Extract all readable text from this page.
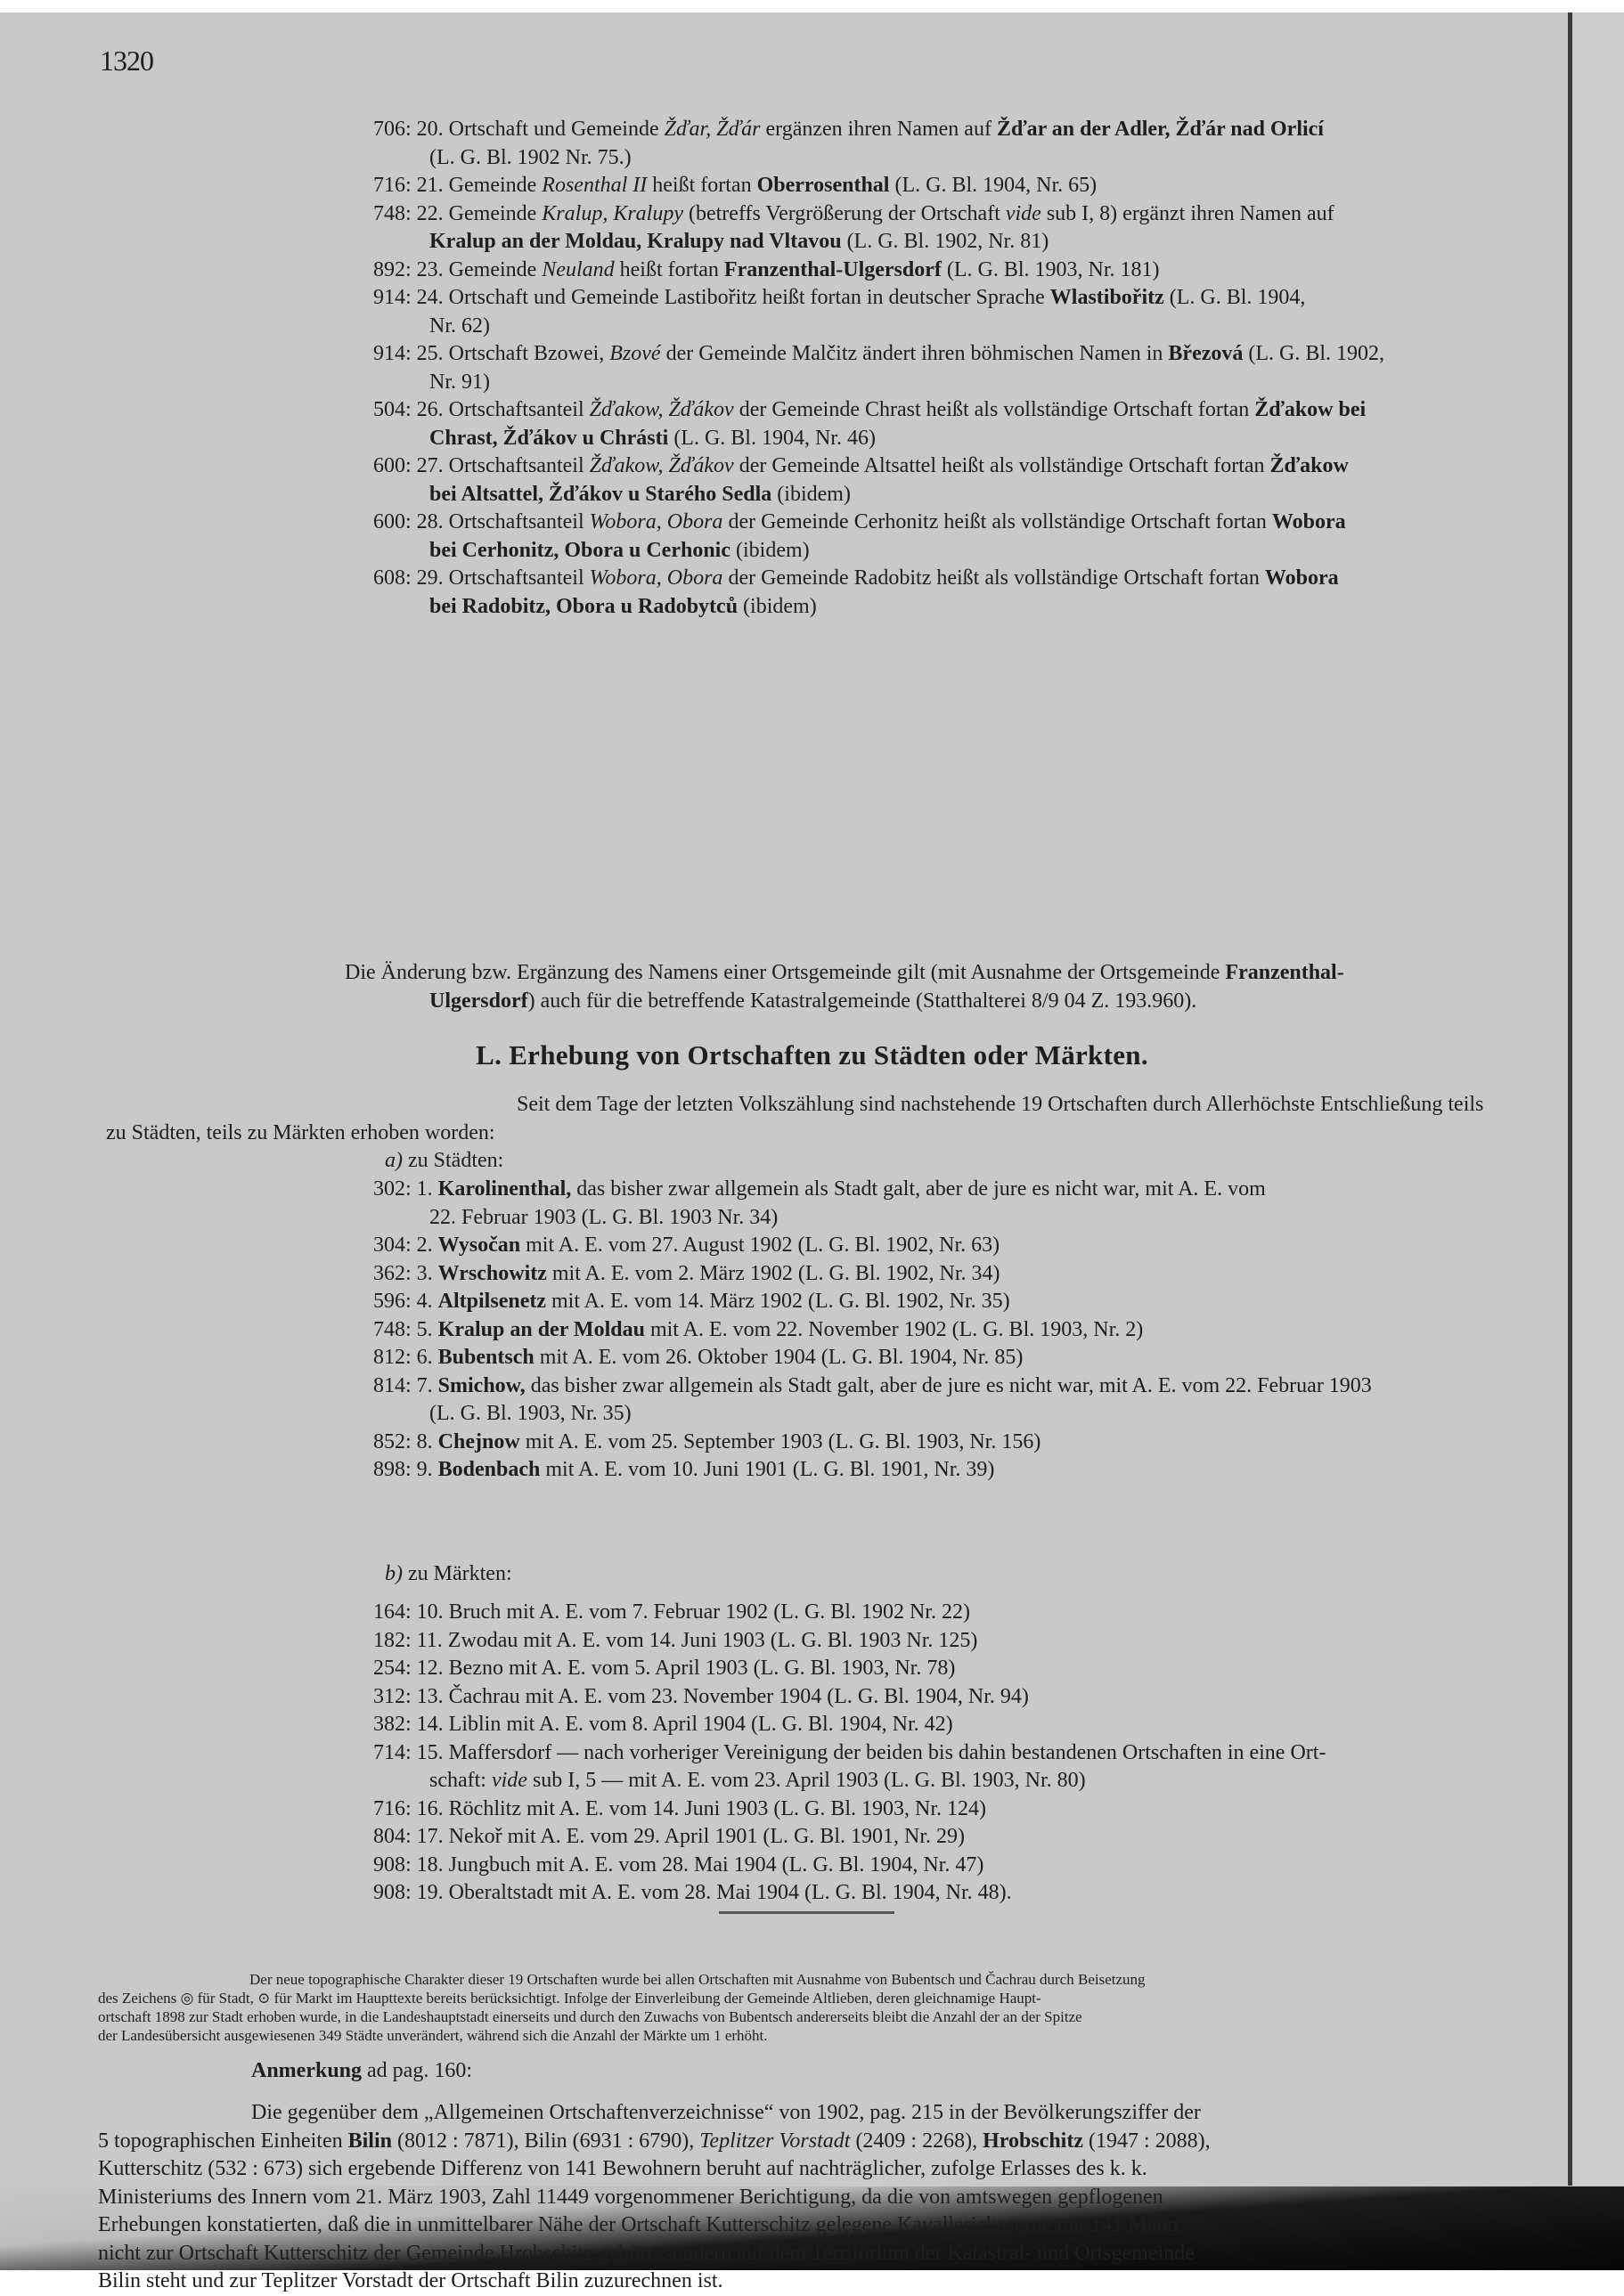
1320
706: 20. Ortschaft und Gemeinde Žďar, Žďár ergänzen ihren Namen auf Žďar an der Adler, Žďár nad Orlicí
(L. G. Bl. 1902 Nr. 75.)
716: 21. Gemeinde Rosenthal II heißt fortan Oberrosenthal (L. G. Bl. 1904, Nr. 65)
748: 22. Gemeinde Kralup, Kralupy (betreffs Vergrößerung der Ortschaft vide sub I, 8) ergänzt ihren Namen auf
Kralup an der Moldau, Kralupy nad Vltavou (L. G. Bl. 1902, Nr. 81)
892: 23. Gemeinde Neuland heißt fortan Franzenthal-Ulgersdorf (L. G. Bl. 1903, Nr. 181)
914: 24. Ortschaft und Gemeinde Lastibořitz heißt fortan in deutscher Sprache Wlastibořitz (L. G. Bl. 1904,
Nr. 62)
914: 25. Ortschaft Bzowei, Bzové der Gemeinde Malčitz ändert ihren böhmischen Namen in Březová (L. G. Bl. 1902,
Nr. 91)
504: 26. Ortschaftsanteil Žďakow, Žďákov der Gemeinde Chrast heißt als vollständige Ortschaft fortan Žďakow bei
Chrast, Žďákov u Chrásti (L. G. Bl. 1904, Nr. 46)
600: 27. Ortschaftsanteil Žďakow, Žďákov der Gemeinde Altsattel heißt als vollständige Ortschaft fortan Žďakow
bei Altsattel, Žďákov u Starého Sedla (ibidem)
600: 28. Ortschaftsanteil Wobora, Obora der Gemeinde Cerhonitz heißt als vollständige Ortschaft fortan Wobora
bei Cerhonitz, Obora u Cerhonic (ibidem)
608: 29. Ortschaftsanteil Wobora, Obora der Gemeinde Radobitz heißt als vollständige Ortschaft fortan Wobora
bei Radobitz, Obora u Radobytců (ibidem)
Die Änderung bzw. Ergänzung des Namens einer Ortsgemeinde gilt (mit Ausnahme der Ortsgemeinde Franzenthal-
Ulgersdorf) auch für die betreffende Katastralgemeinde (Statthalterei 8/9 04 Z. 193.960).
L. Erhebung von Ortschaften zu Städten oder Märkten.
Seit dem Tage der letzten Volkszählung sind nachstehende 19 Ortschaften durch Allerhöchste Entschließung teils
zu Städten, teils zu Märkten erhoben worden:
a) zu Städten:
302: 1. Karolinenthal, das bisher zwar allgemein als Stadt galt, aber de jure es nicht war, mit A. E. vom
22. Februar 1903 (L. G. Bl. 1903 Nr. 34)
304: 2. Wysočan mit A. E. vom 27. August 1902 (L. G. Bl. 1902, Nr. 63)
362: 3. Wrschowitz mit A. E. vom 2. März 1902 (L. G. Bl. 1902, Nr. 34)
596: 4. Altpilsenetz mit A. E. vom 14. März 1902 (L. G. Bl. 1902, Nr. 35)
748: 5. Kralup an der Moldau mit A. E. vom 22. November 1902 (L. G. Bl. 1903, Nr. 2)
812: 6. Bubentsch mit A. E. vom 26. Oktober 1904 (L. G. Bl. 1904, Nr. 85)
814: 7. Smichow, das bisher zwar allgemein als Stadt galt, aber de jure es nicht war, mit A. E. vom 22. Februar 1903
(L. G. Bl. 1903, Nr. 35)
852: 8. Chejnow mit A. E. vom 25. September 1903 (L. G. Bl. 1903, Nr. 156)
898: 9. Bodenbach mit A. E. vom 10. Juni 1901 (L. G. Bl. 1901, Nr. 39)
b) zu Märkten:
164: 10. Bruch mit A. E. vom 7. Februar 1902 (L. G. Bl. 1902 Nr. 22)
182: 11. Zwodau mit A. E. vom 14. Juni 1903 (L. G. Bl. 1903 Nr. 125)
254: 12. Bezno mit A. E. vom 5. April 1903 (L. G. Bl. 1903, Nr. 78)
312: 13. Čachrau mit A. E. vom 23. November 1904 (L. G. Bl. 1904, Nr. 94)
382: 14. Liblin mit A. E. vom 8. April 1904 (L. G. Bl. 1904, Nr. 42)
714: 15. Maffersdorf — nach vorheriger Vereinigung der beiden bis dahin bestandenen Ortschaften in eine Ort-
schaft: vide sub I, 5 — mit A. E. vom 23. April 1903 (L. G. Bl. 1903, Nr. 80)
716: 16. Röchlitz mit A. E. vom 14. Juni 1903 (L. G. Bl. 1903, Nr. 124)
804: 17. Nekoř mit A. E. vom 29. April 1901 (L. G. Bl. 1901, Nr. 29)
908: 18. Jungbuch mit A. E. vom 28. Mai 1904 (L. G. Bl. 1904, Nr. 47)
908: 19. Oberaltstadt mit A. E. vom 28. Mai 1904 (L. G. Bl. 1904, Nr. 48).
Der neue topographische Charakter dieser 19 Ortschaften wurde bei allen Ortschaften mit Ausnahme von Bubentsch und Čachrau durch Beisetzung
des Zeichens ◎ für Stadt, ⊙ für Markt im Haupttexte bereits berücksichtigt. Infolge der Einverleibung der Gemeinde Altlieben, deren gleichnamige Haupt-
ortschaft 1898 zur Stadt erhoben wurde, in die Landeshauptstadt einerseits und durch den Zuwachs von Bubentsch andererseits bleibt die Anzahl der an der Spitze
der Landesübersicht ausgewiesenen 349 Städte unverändert, während sich die Anzahl der Märkte um 1 erhöht.
Anmerkung ad pag. 160:
Die gegenüber dem „Allgemeinen Ortschaftenverzeichnisse“ von 1902, pag. 215 in der Bevölkerungsziffer der
5 topographischen Einheiten Bilin (8012 : 7871), Bilin (6931 : 6790), Teplitzer Vorstadt (2409 : 2268), Hrobschitz (1947 : 2088),
Kutterschitz (532 : 673) sich ergebende Differenz von 141 Bewohnern beruht auf nachträglicher, zufolge Erlasses des k. k.
Ministeriums des Innern vom 21. März 1903, Zahl 11449 vorgenommener Berichtigung, da die von amtswegen gepflogenen
Erhebungen konstatierten, daß die in unmittelbarer Nähe der Ortschaft Kutterschitz gelegene Kavalleriekaserne mit 141 Mann
nicht zur Ortschaft Kutterschitz der Gemeinde Hrobschitz gehört, sondern auf dem Territorium der Katastral- und Ortsgemeinde
Bilin steht und zur Teplitzer Vorstadt der Ortschaft Bilin zuzurechnen ist.
